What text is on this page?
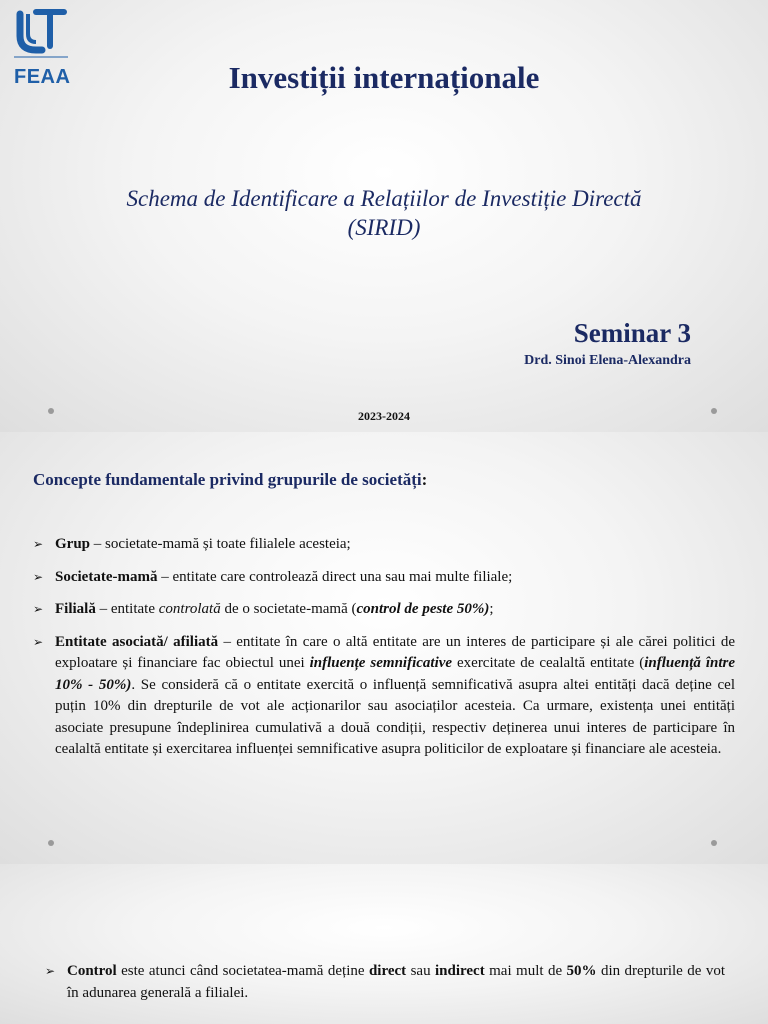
FEAA	Investiții internaționale
Schema de Identificare a Relațiilor de Investiție Directă (SIRID)
Seminar 3
Drd. Sinoi Elena-Alexandra
2023-2024
Concepte fundamentale privind grupurile de societăți:
➢ Grup – societate-mamă și toate filialele acesteia;
➢ Societate-mamă – entitate care controlează direct una sau mai multe filiale;
➢ Filială – entitate controlată de o societate-mamă (control de peste 50%);
➢ Entitate asociată/ afiliată – entitate în care o altă entitate are un interes de participare și ale cărei politici de exploatare și financiare fac obiectul unei influențe semnificative exercitate de cealaltă entitate (influență între 10% - 50%). Se consideră că o entitate exercită o influență semnificativă asupra altei entități dacă deține cel puțin 10% din drepturile de vot ale acționarilor sau asociaților acesteia. Ca urmare, existența unei entități asociate presupune îndeplinirea cumulativă a două condiții, respectiv deținerea unui interes de participare în cealaltă entitate și exercitarea influenței semnificative asupra politicilor de exploatare și financiare ale acesteia.
➢ Control este atunci când societatea-mamă deține direct sau indirect mai mult de 50% din drepturile de vot în adunarea generală a filialei.
